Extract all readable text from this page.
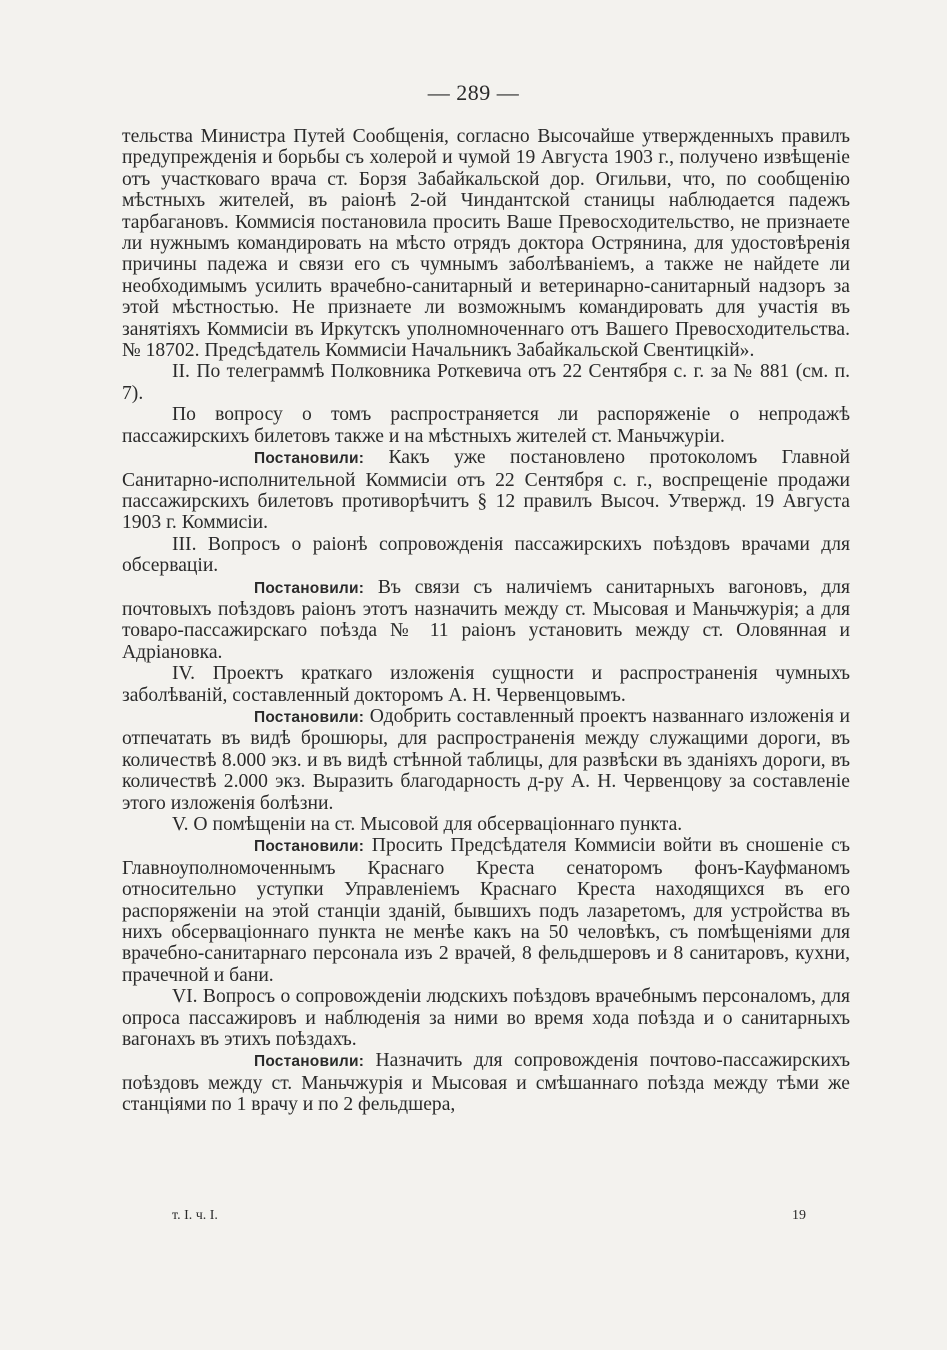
— 289 —

тельства Министра Путей Сообщенія, согласно Высочайше утвержденныхъ правилъ предупрежденія и борьбы съ холерой и чумой 19 Августа 1903 г., получено извѣщеніе отъ участковаго врача ст. Борзя Забайкальской дор. Огильви, что, по сообщенію мѣстныхъ жителей, въ раіонѣ 2-ой Чиндантской станицы наблюдается падежъ тарбагановъ. Коммисія постановила просить Ваше Превосходительство, не признаете ли нужнымъ командировать на мѣсто отрядъ доктора Острянина, для удостовѣренія причины падежа и связи его съ чумнымъ заболѣваніемъ, а также не найдете ли необходимымъ усилить врачебно-санитарный и ветеринарно-санитарный надзоръ за этой мѣстностью. Не признаете ли возможнымъ командировать для участія въ занятіяхъ Коммисіи въ Иркутскъ уполномноченнаго отъ Вашего Превосходительства. № 18702. Предсѣдатель Коммисіи Начальникъ Забайкальской Свентицкій».

II. По телеграммѣ Полковника Роткевича отъ 22 Сентября с. г. за № 881 (см. п. 7).

По вопросу о томъ распространяется ли распоряженіе о непродажѣ пассажирскихъ билетовъ также и на мѣстныхъ жителей ст. Маньчжуріи.

Постановили: Какъ уже постановлено протоколомъ Главной Санитарно-исполнительной Коммисіи отъ 22 Сентября с. г., воспрещеніе продажи пассажирскихъ билетовъ противорѣчитъ § 12 правилъ Высоч. Утвержд. 19 Августа 1903 г. Коммисіи.

III. Вопросъ о раіонѣ сопровожденія пассажирскихъ поѣздовъ врачами для обсерваціи.

Постановили: Въ связи съ наличіемъ санитарныхъ вагоновъ, для почтовыхъ поѣздовъ раіонъ этотъ назначить между ст. Мысовая и Маньчжурія; а для товаро-пассажирскаго поѣзда № 11 раіонъ установить между ст. Оловянная и Адріановка.

IV. Проектъ краткаго изложенія сущности и распространенія чумныхъ заболѣваній, составленный докторомъ А. Н. Червенцовымъ.

Постановили: Одобрить составленный проектъ названнаго изложенія и отпечатать въ видѣ брошюры, для распространенія между служащими дороги, въ количествѣ 8.000 экз. и въ видѣ стѣнной таблицы, для развѣски въ зданіяхъ дороги, въ количествѣ 2.000 экз. Выразить благодарность д-ру А. Н. Червенцову за составленіе этого изложенія болѣзни.

V. О помѣщеніи на ст. Мысовой для обсерваціоннаго пункта.

Постановили: Просить Предсѣдателя Коммисіи войти въ сношеніе съ Главноуполномоченнымъ Краснаго Креста сенаторомъ фонъ-Кауфманомъ относительно уступки Управленіемъ Краснаго Креста находящихся въ его распоряженіи на этой станціи зданій, бывшихъ подъ лазаретомъ, для устройства въ нихъ обсерваціоннаго пункта не менѣе какъ на 50 человѣкъ, съ помѣщеніями для врачебно-санитарнаго персонала изъ 2 врачей, 8 фельдшеровъ и 8 санитаровъ, кухни, прачечной и бани.

VI. Вопросъ о сопровожденіи людскихъ поѣздовъ врачебнымъ персоналомъ, для опроса пассажировъ и наблюденія за ними во время хода поѣзда и о санитарныхъ вагонахъ въ этихъ поѣздахъ.

Постановили: Назначить для сопровожденія почтово-пассажирскихъ поѣздовъ между ст. Маньчжурія и Мысовая и смѣшаннаго поѣзда между тѣми же станціями по 1 врачу и по 2 фельдшера,

т. I. ч. I.	19
